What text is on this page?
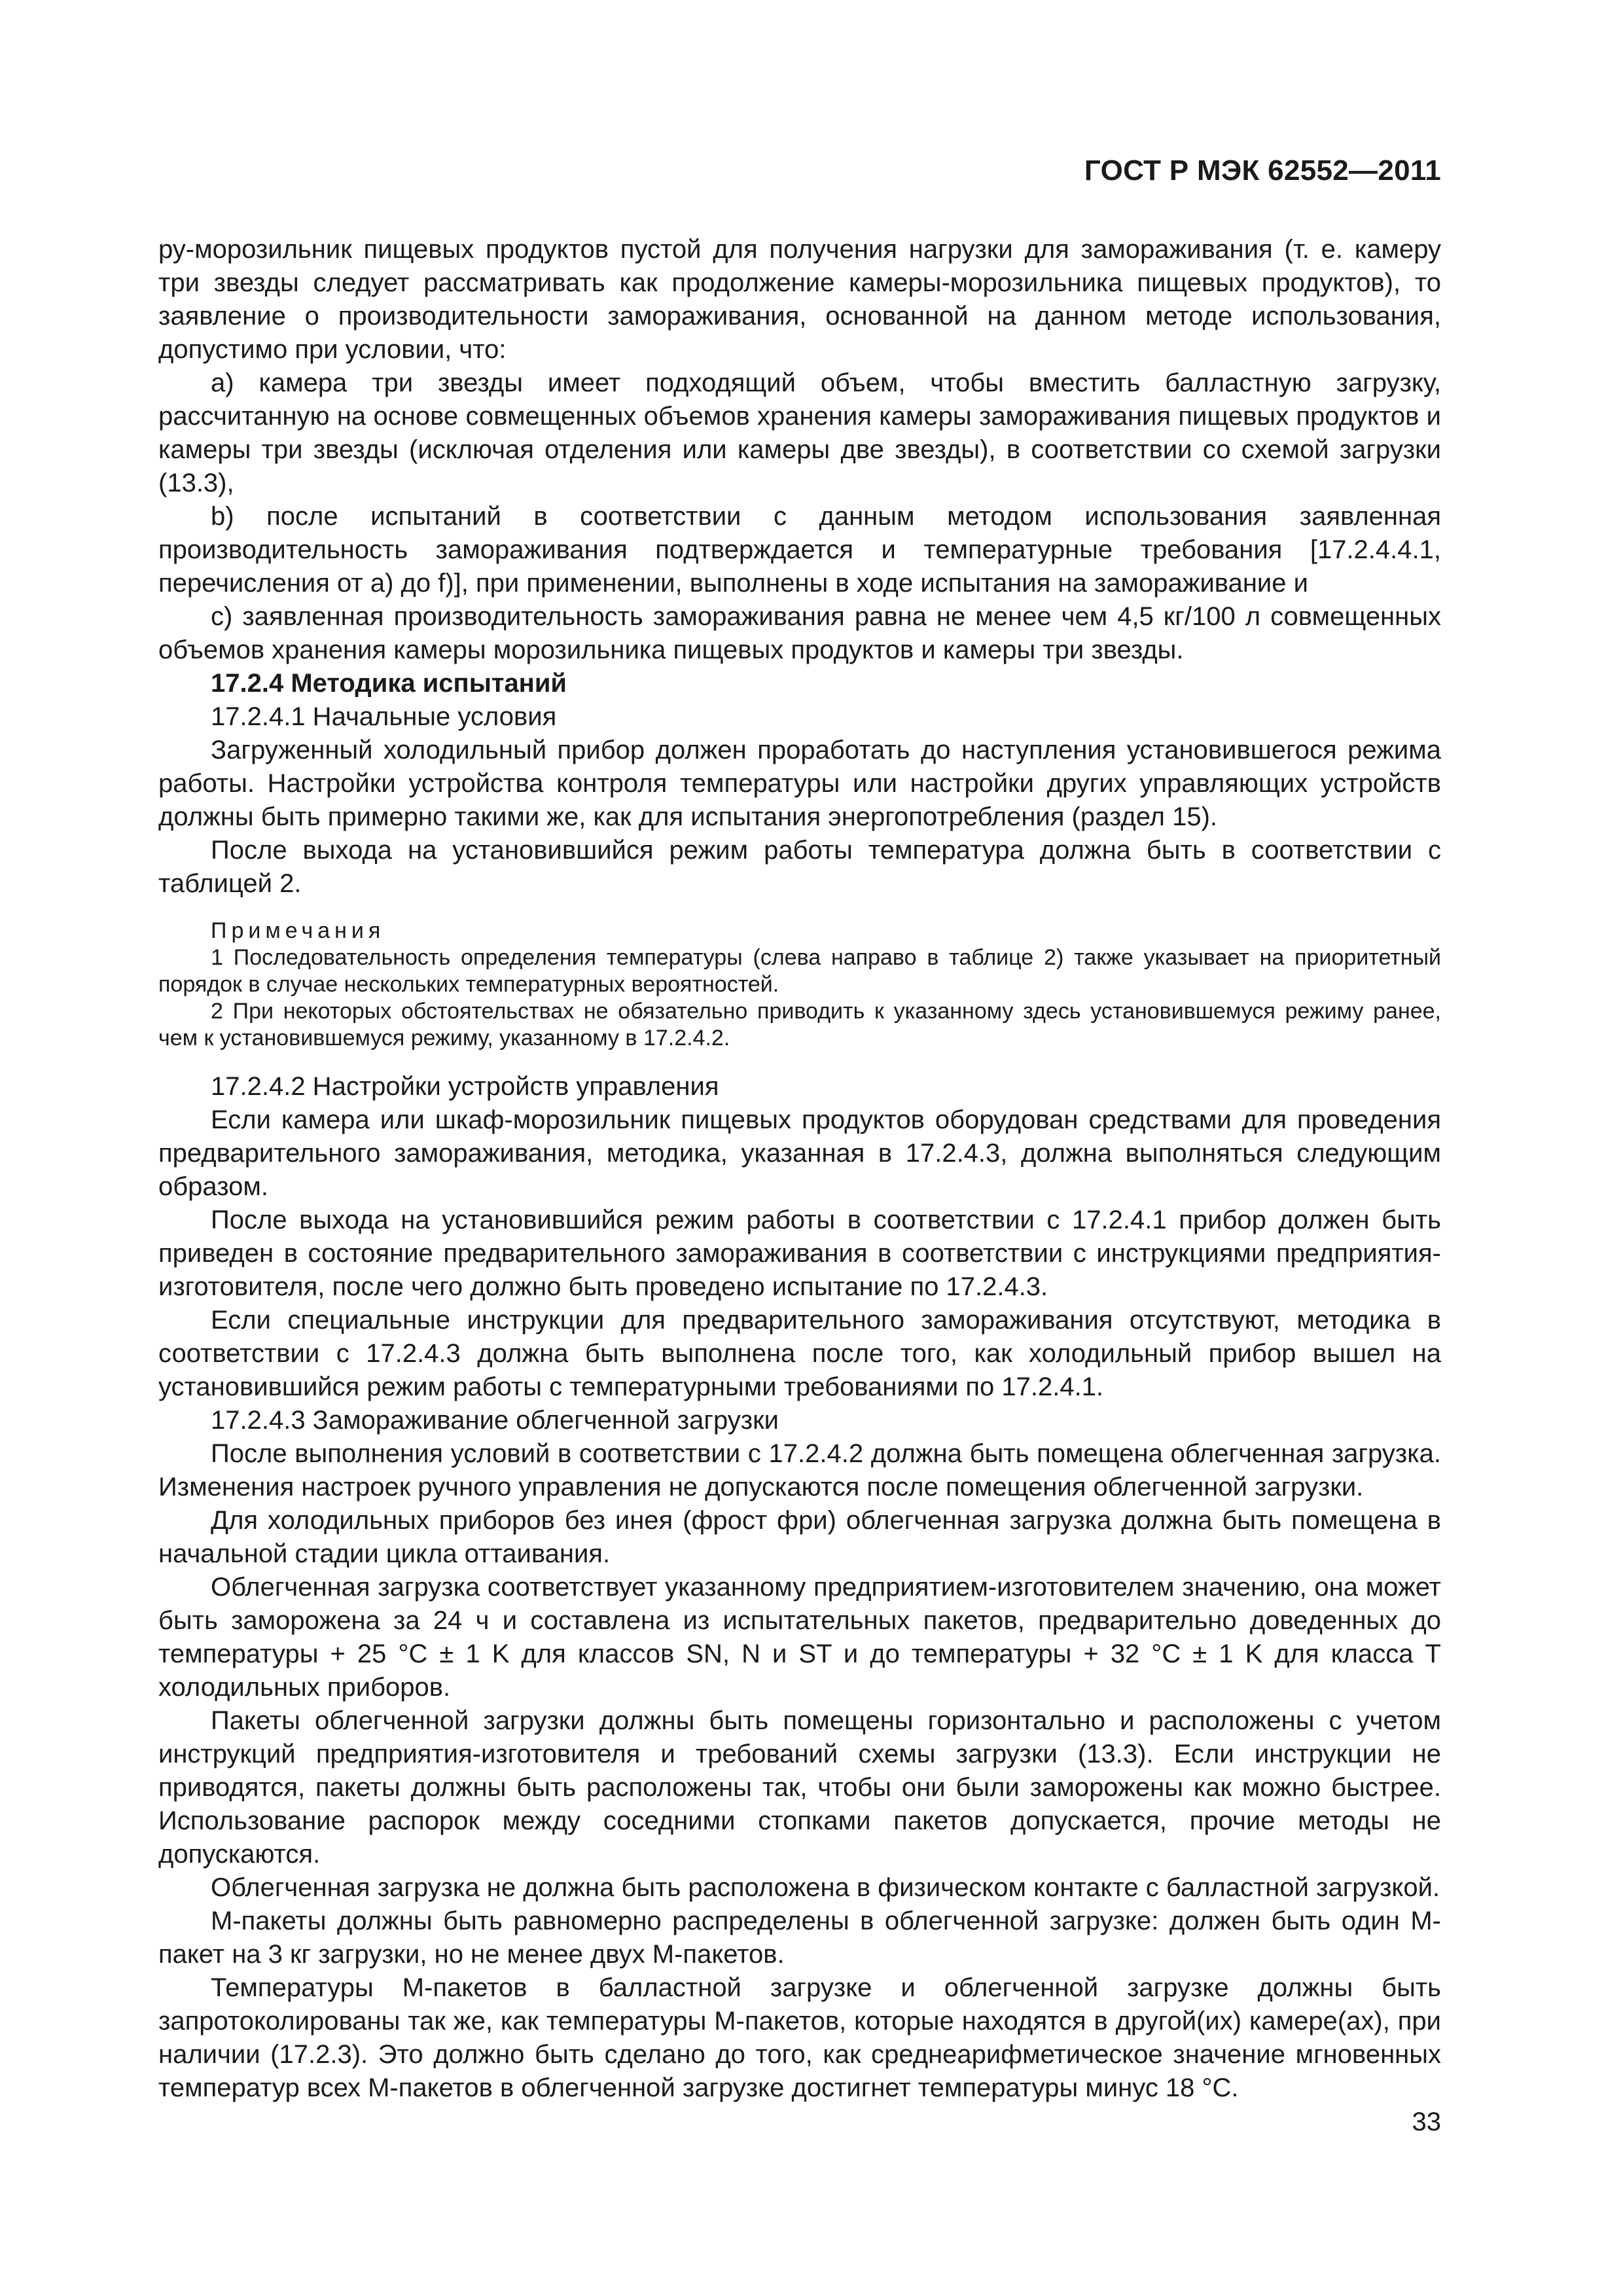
ГОСТ Р МЭК 62552—2011

ру-морозильник пищевых продуктов пустой для получения нагрузки для замораживания (т. е. камеру три звезды следует рассматривать как продолжение камеры-морозильника пищевых продуктов), то заявление о производительности замораживания, основанной на данном методе использования, допустимо при условии, что:

a) камера три звезды имеет подходящий объем, чтобы вместить балластную загрузку, рассчитанную на основе совмещенных объемов хранения камеры замораживания пищевых продуктов и камеры три звезды (исключая отделения или камеры две звезды), в соответствии со схемой загрузки (13.3),

b) после испытаний в соответствии с данным методом использования заявленная производительность замораживания подтверждается и температурные требования [17.2.4.4.1, перечисления от а) до f)], при применении, выполнены в ходе испытания на замораживание и

c) заявленная производительность замораживания равна не менее чем 4,5 кг/100 л совмещенных объемов хранения камеры морозильника пищевых продуктов и камеры три звезды.

17.2.4 Методика испытаний

17.2.4.1 Начальные условия

Загруженный холодильный прибор должен проработать до наступления установившегося режима работы. Настройки устройства контроля температуры или настройки других управляющих устройств должны быть примерно такими же, как для испытания энергопотребления (раздел 15).

После выхода на установившийся режим работы температура должна быть в соответствии с таблицей 2.

Примечания

1 Последовательность определения температуры (слева направо в таблице 2) также указывает на приоритетный порядок в случае нескольких температурных вероятностей.

2 При некоторых обстоятельствах не обязательно приводить к указанному здесь установившемуся режиму ранее, чем к установившемуся режиму, указанному в 17.2.4.2.

17.2.4.2 Настройки устройств управления

Если камера или шкаф-морозильник пищевых продуктов оборудован средствами для проведения предварительного замораживания, методика, указанная в 17.2.4.3, должна выполняться следующим образом.

После выхода на установившийся режим работы в соответствии с 17.2.4.1 прибор должен быть приведен в состояние предварительного замораживания в соответствии с инструкциями предприятия-изготовителя, после чего должно быть проведено испытание по 17.2.4.3.

Если специальные инструкции для предварительного замораживания отсутствуют, методика в соответствии с 17.2.4.3 должна быть выполнена после того, как холодильный прибор вышел на установившийся режим работы с температурными требованиями по 17.2.4.1.

17.2.4.3 Замораживание облегченной загрузки

После выполнения условий в соответствии с 17.2.4.2 должна быть помещена облегченная загрузка. Изменения настроек ручного управления не допускаются после помещения облегченной загрузки.

Для холодильных приборов без инея (фрост фри) облегченная загрузка должна быть помещена в начальной стадии цикла оттаивания.

Облегченная загрузка соответствует указанному предприятием-изготовителем значению, она может быть заморожена за 24 ч и составлена из испытательных пакетов, предварительно доведенных до температуры + 25 °C ± 1 K для классов SN, N и ST и до температуры + 32 °C ± 1 K для класса T холодильных приборов.

Пакеты облегченной загрузки должны быть помещены горизонтально и расположены с учетом инструкций предприятия-изготовителя и требований схемы загрузки (13.3). Если инструкции не приводятся, пакеты должны быть расположены так, чтобы они были заморожены как можно быстрее. Использование распорок между соседними стопками пакетов допускается, прочие методы не допускаются.

Облегченная загрузка не должна быть расположена в физическом контакте с балластной загрузкой.

М-пакеты должны быть равномерно распределены в облегченной загрузке: должен быть один М-пакет на 3 кг загрузки, но не менее двух М-пакетов.

Температуры М-пакетов в балластной загрузке и облегченной загрузке должны быть запротоколированы так же, как температуры М-пакетов, которые находятся в другой(их) камере(ах), при наличии (17.2.3). Это должно быть сделано до того, как среднеарифметическое значение мгновенных температур всех М-пакетов в облегченной загрузке достигнет температуры минус 18 °C.

33
